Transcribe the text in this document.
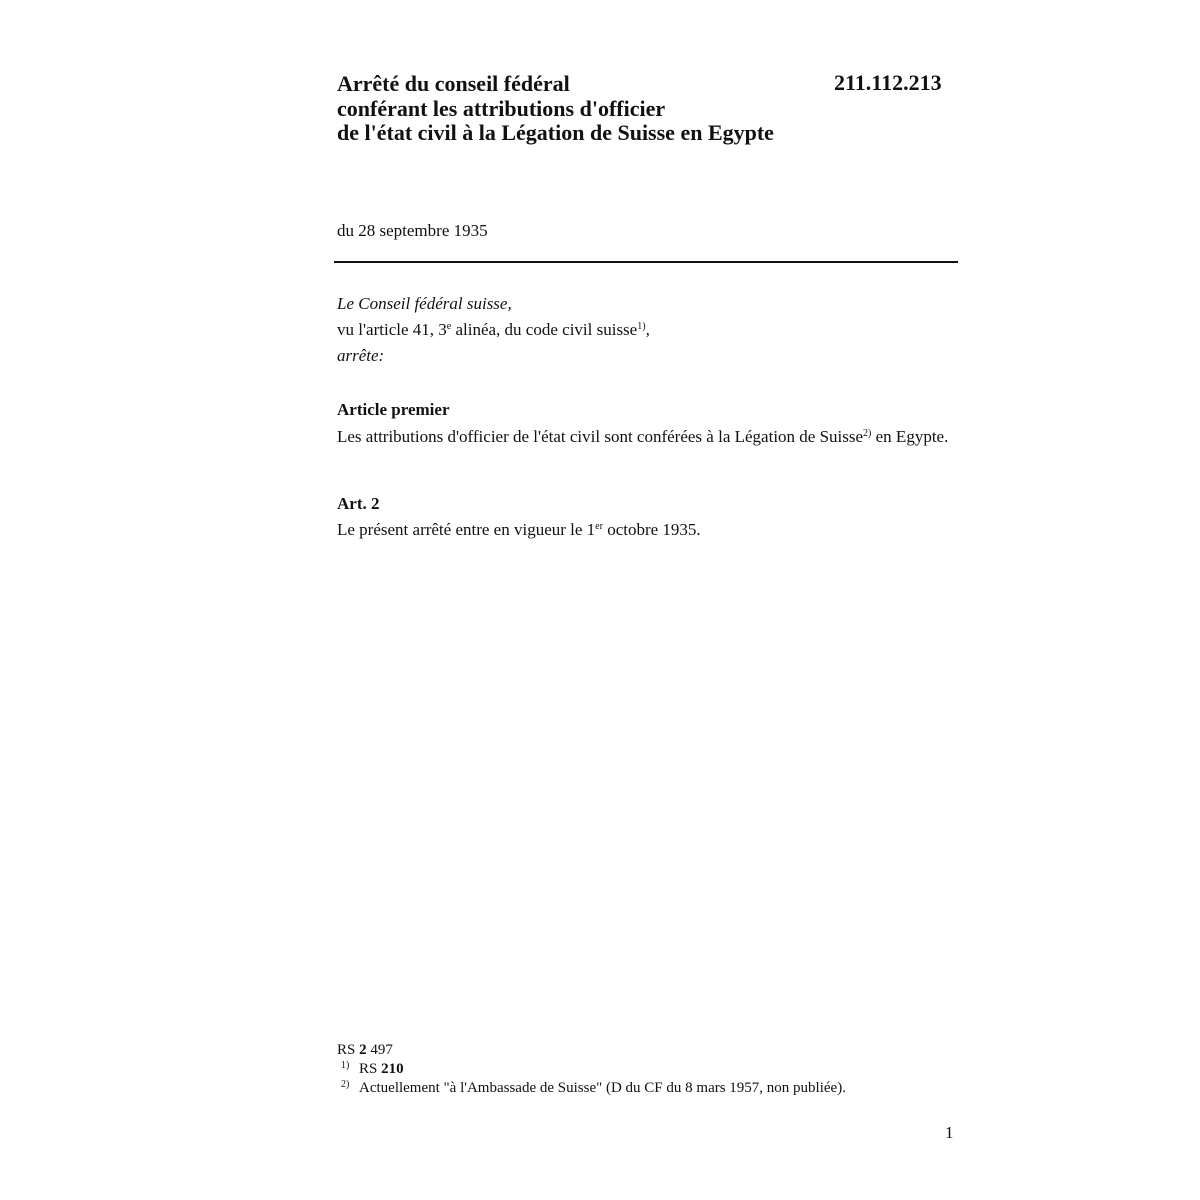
Arrêté du conseil fédéral
conférant les attributions d'officier
de l'état civil à la Légation de Suisse en Egypte
211.112.213
du 28 septembre 1935
Le Conseil fédéral suisse,
vu l'article 41, 3e alinéa, du code civil suisse$^{1)}$,
arrête:
Article premier
Les attributions d'officier de l'état civil sont conférées à la Légation de Suisse$^{2)}$ en Egypte.
Art. 2
Le présent arrêté entre en vigueur le 1er octobre 1935.
RS 2 497
1) RS 210
2) Actuellement "à l'Ambassade de Suisse" (D du CF du 8 mars 1957, non publiée).
1
